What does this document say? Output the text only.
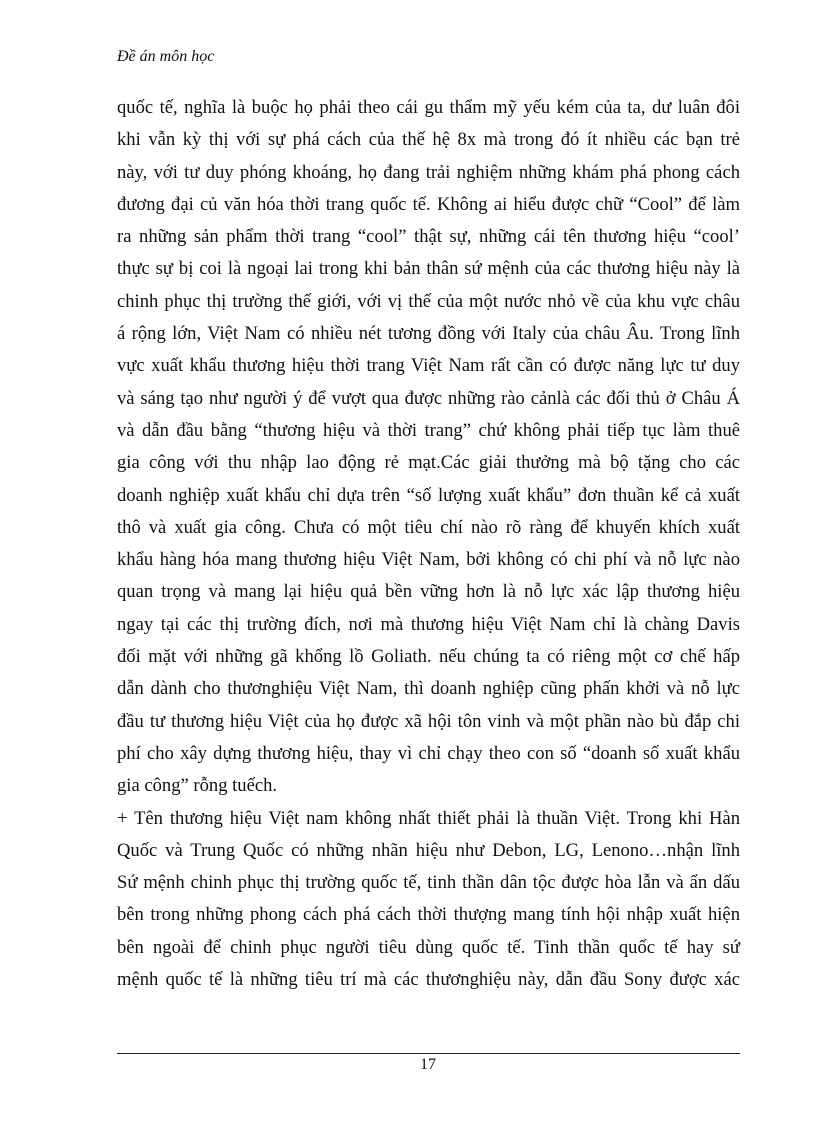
Đề án môn học
quốc tế, nghĩa là buộc họ phải theo cái gu thẩm mỹ yếu kém của ta, dư luân đôi
khi vẫn kỳ thị với sự phá cách của thế hệ 8x mà trong đó ít nhiều các bạn trẻ
này, với tư duy phóng khoáng, họ đang trải nghiệm những khám phá phong cách
đương đại củ văn hóa thời trang quốc tế. Không ai hiểu được chữ “Cool” để làm
ra những sản phẩm thời trang “cool” thật sự, những cái tên thương hiệu “cool’
thực sự bị coi là ngoại lai trong khi bản thân sứ mệnh của các thương hiệu này là
chinh phục thị trường thế giới, với vị thế của một nước nhỏ về của khu vực châu
á rộng lớn, Việt Nam có nhiều nét tương đồng với Italy của châu Âu. Trong lĩnh
vực xuất khẩu thương hiệu thời trang Việt Nam rất cần có được năng lực tư duy
và sáng tạo như người ý để vượt qua được những rào cảnlà các đối thủ ở Châu Á
và dẫn đầu bằng “thương hiệu và thời trang” chứ không phải tiếp tục làm thuê
gia công với thu nhập lao động rẻ mạt.Các giải thưởng mà bộ tặng cho các
doanh nghiệp xuất khẩu chỉ dựa trên “số lượng xuất khẩu” đơn thuần kể cả xuất
thô và xuất gia công. Chưa có một tiêu chí nào rõ ràng để khuyến khích xuất
khẩu hàng hóa mang thương hiệu Việt Nam, bởi không có chi phí và nỗ lực nào
quan trọng và mang lại hiệu quả bền vững hơn là nỗ lực xác lập thương hiệu
ngay tại các thị trường đích, nơi mà thương hiệu Việt Nam chỉ là chàng Davis
đối mặt với những gã khổng lồ Goliath. nếu chúng ta có riêng một cơ chế hấp
dẫn dành cho thươnghiệu Việt Nam, thì doanh nghiệp cũng phấn khởi và nỗ lực
đầu tư thương hiệu Việt của họ được xã hội tôn vinh và một phần nào bù đắp chi
phí cho xây dựng thương hiệu, thay vì chỉ chạy theo con số “doanh số xuất khẩu
gia công” rỗng tuếch.
+ Tên thương hiệu Việt nam không nhất thiết phải là thuần Việt. Trong khi Hàn
Quốc và Trung Quốc có những nhãn hiệu như Debon, LG, Lenono…nhận lĩnh
Sứ mệnh chinh phục thị trường quốc tế, tinh thần dân tộc được hòa lẫn và ẩn dấu
bên trong những phong cách phá cách thời thượng mang tính hội nhập xuất hiện
bên ngoài để chinh phục người tiêu dùng quốc tế. Tinh thần quốc tế hay sứ
mệnh quốc tế là những tiêu trí mà các thươnghiệu này, dẫn đầu Sony được xác
17
